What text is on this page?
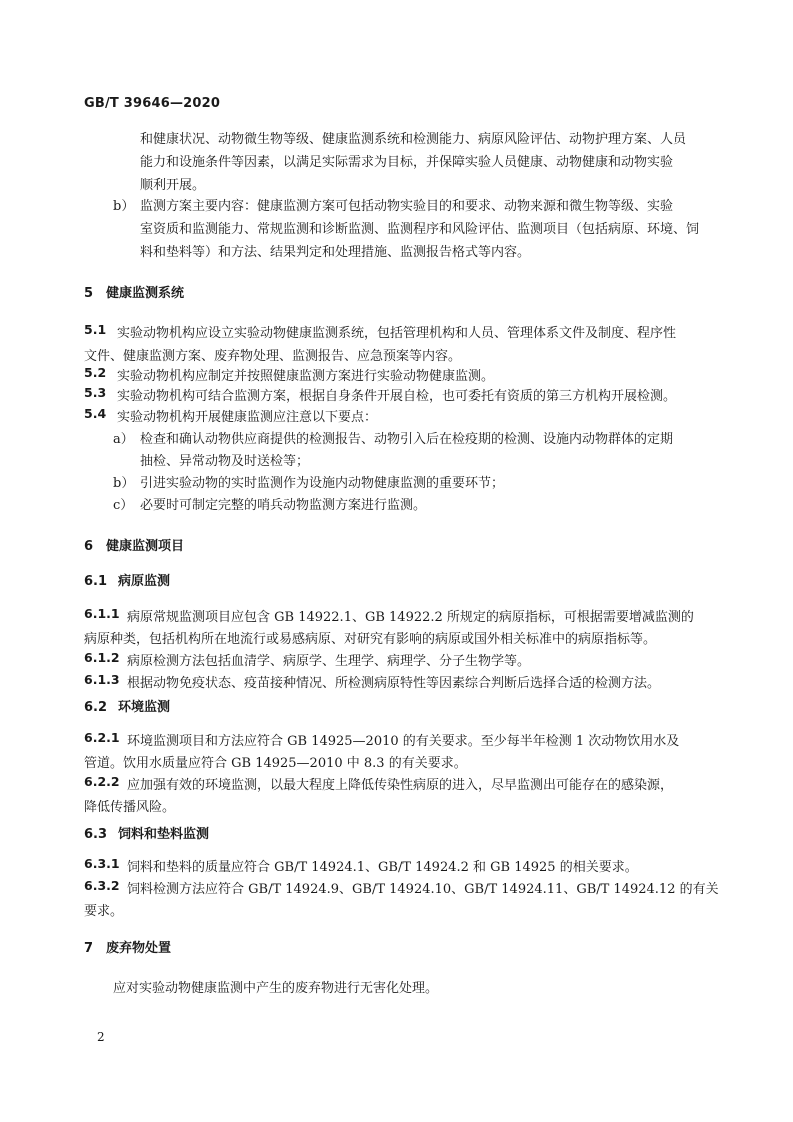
GB/T 39646—2020
和健康状况、动物微生物等级、健康监测系统和检测能力、病原风险评估、动物护理方案、人员
能力和设施条件等因素，以满足实际需求为目标，并保障实验人员健康、动物健康和动物实验
顺利开展。
b） 监测方案主要内容：健康监测方案可包括动物实验目的和要求、动物来源和微生物等级、实验
室资质和监测能力、常规监测和诊断监测、监测程序和风险评估、监测项目（包括病原、环境、饲
料和垫料等）和方法、结果判定和处理措施、监测报告格式等内容。
5 健康监测系统
5.1 实验动物机构应设立实验动物健康监测系统，包括管理机构和人员、管理体系文件及制度、程序性
文件、健康监测方案、废弃物处理、监测报告、应急预案等内容。
5.2 实验动物机构应制定并按照健康监测方案进行实验动物健康监测。
5.3 实验动物机构可结合监测方案，根据自身条件开展自检，也可委托有资质的第三方机构开展检测。
5.4 实验动物机构开展健康监测应注意以下要点：
a） 检查和确认动物供应商提供的检测报告、动物引入后在检疫期的检测、设施内动物群体的定期
抽检、异常动物及时送检等；
b） 引进实验动物的实时监测作为设施内动物健康监测的重要环节；
c） 必要时可制定完整的哨兵动物监测方案进行监测。
6 健康监测项目
6.1 病原监测
6.1.1 病原常规监测项目应包含 GB 14922.1、GB 14922.2 所规定的病原指标，可根据需要增减监测的
病原种类，包括机构所在地流行或易感病原、对研究有影响的病原或国外相关标准中的病原指标等。
6.1.2 病原检测方法包括血清学、病原学、生理学、病理学、分子生物学等。
6.1.3 根据动物免疫状态、疫苗接种情况、所检测病原特性等因素综合判断后选择合适的检测方法。
6.2 环境监测
6.2.1 环境监测项目和方法应符合 GB 14925—2010 的有关要求。至少每半年检测 1 次动物饮用水及
管道。饮用水质量应符合 GB 14925—2010 中 8.3 的有关要求。
6.2.2 应加强有效的环境监测，以最大程度上降低传染性病原的进入，尽早监测出可能存在的感染源，
降低传播风险。
6.3 饲料和垫料监测
6.3.1 饲料和垫料的质量应符合 GB/T 14924.1、GB/T 14924.2 和 GB 14925 的相关要求。
6.3.2 饲料检测方法应符合 GB/T 14924.9、GB/T 14924.10、GB/T 14924.11、GB/T 14924.12 的有关
要求。
7 废弃物处置
应对实验动物健康监测中产生的废弃物进行无害化处理。
2
